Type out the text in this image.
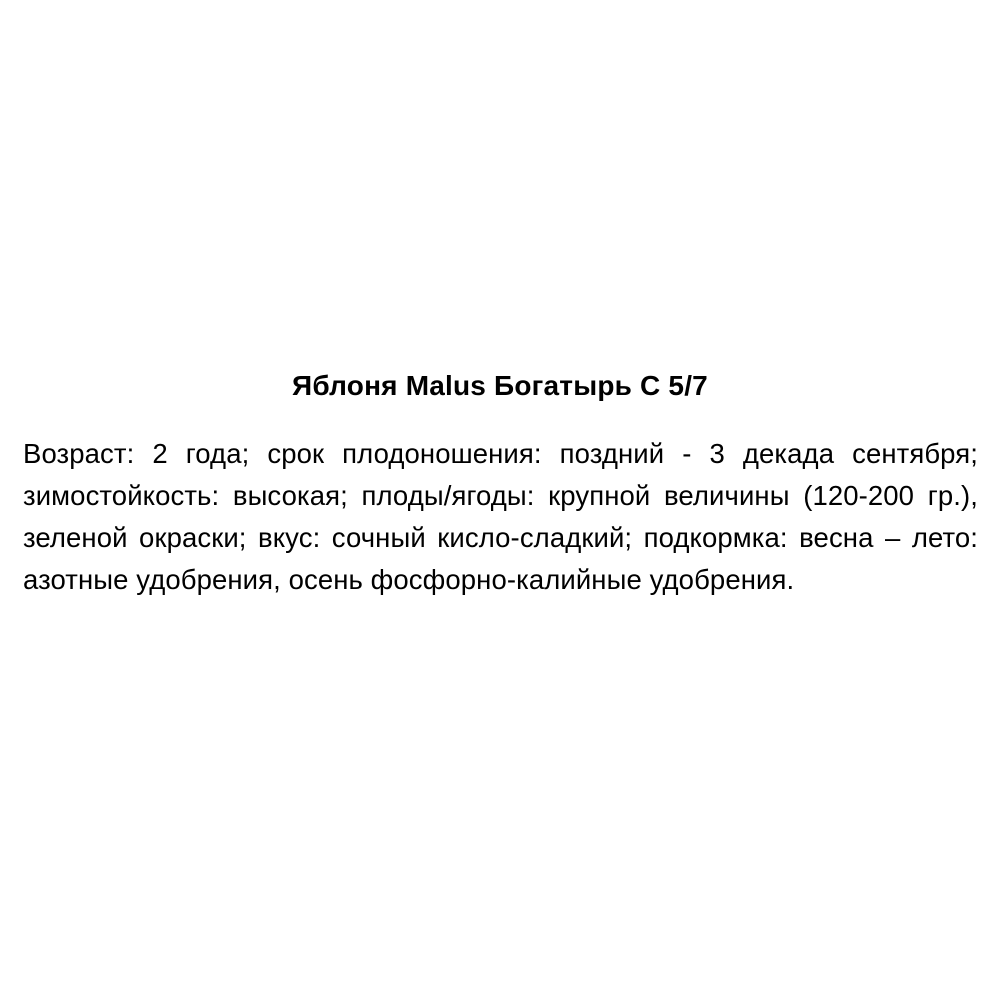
Яблоня Malus Богатырь С 5/7

Возраст: 2 года; срок плодоношения: поздний - 3 декада сентября; зимостойкость: высокая; плоды/ягоды: крупной величины (120-200 гр.), зеленой окраски; вкус: сочный кисло-сладкий; подкормка: весна – лето: азотные удобрения, осень фосфорно-калийные удобрения.
